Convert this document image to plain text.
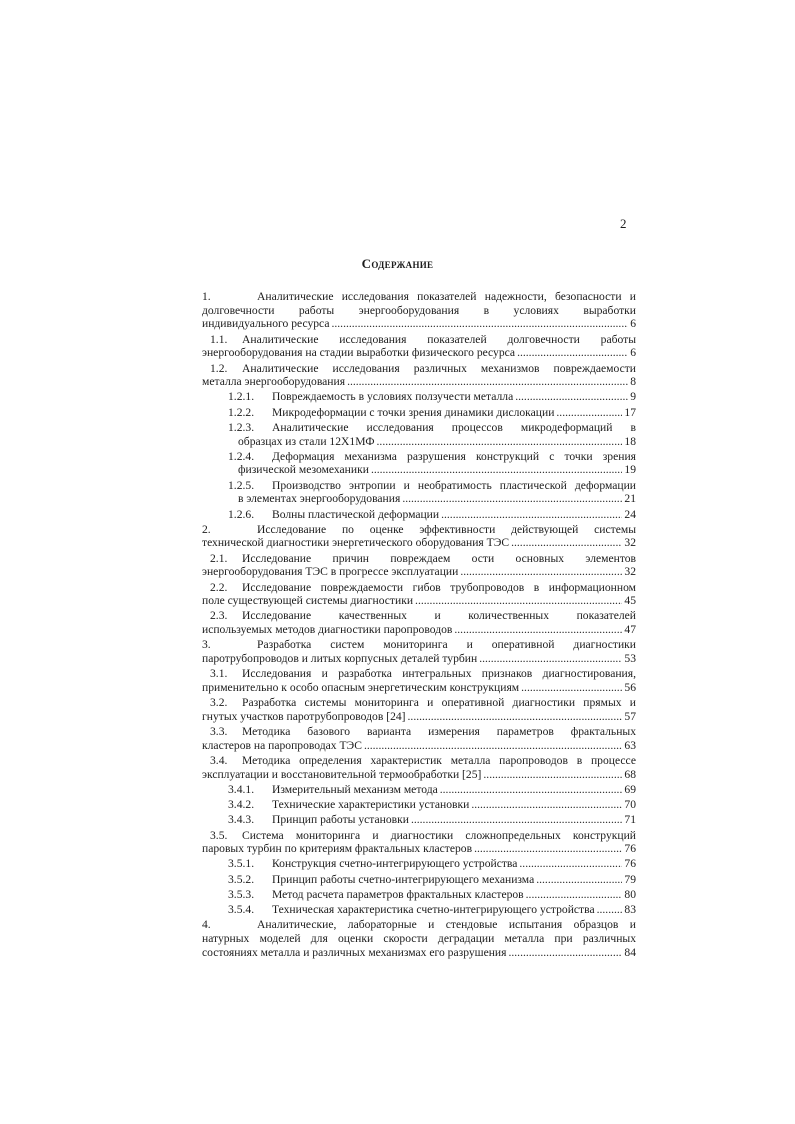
2
Содержание
1.	Аналитические исследования показателей надежности, безопасности и
долговечности работы энергооборудования в условиях выработки
индивидуального ресурса .....	6
1.1.	Аналитические исследования показателей долговечности работы
энергооборудования на стадии выработки физического ресурса .....	6
1.2.	Аналитические исследования различных механизмов повреждаемости
металла энергооборудования .....	8
1.2.1.	Повреждаемость в условиях ползучести металла .....	9
1.2.2.	Микродеформации с точки зрения динамики дислокации .....	17
1.2.3.	Аналитические исследования процессов микродеформаций в
образцах из стали 12Х1МФ .....	18
1.2.4.	Деформация механизма разрушения конструкций с точки зрения
физической мезомеханики .....	19
1.2.5.	Производство энтропии и необратимость пластической деформации
в элементах энергооборудования .....	21
1.2.6.	Волны пластической деформации .....	24
2.	Исследование по оценке эффективности действующей системы
технической диагностики энергетического оборудования ТЭС .....	32
2.1.	Исследование причин повреждаем ости основных элементов
энергооборудования ТЭС в прогрессе эксплуатации .....	32
2.2.	Исследование повреждаемости гибов трубопроводов в информационном
поле существующей системы диагностики .....	45
2.3.	Исследование качественных и количественных показателей
используемых методов диагностики паропроводов .....	47
3.	Разработка систем мониторинга и оперативной диагностики
паротрубопроводов и литых корпусных деталей турбин .....	53
3.1.	Исследования и разработка интегральных признаков диагностирования,
применительно к особо опасным энергетическим конструкциям .....	56
3.2.	Разработка системы мониторинга и оперативной диагностики прямых и
гнутых участков паротрубопроводов [24] .....	57
3.3.	Методика базового варианта измерения параметров фрактальных
кластеров на паропроводах ТЭС .....	63
3.4.	Методика определения характеристик металла паропроводов в процессе
эксплуатации и восстановительной термообработки [25] .....	68
3.4.1.	Измерительный механизм метода .....	69
3.4.2.	Технические характеристики установки .....	70
3.4.3.	Принцип работы установки .....	71
3.5.	Система мониторинга и диагностики сложнопредельных конструкций
паровых турбин по критериям фрактальных кластеров .....	76
3.5.1.	Конструкция счетно-интегрирующего устройства .....	76
3.5.2.	Принцип работы счетно-интегрирующего механизма .....	79
3.5.3.	Метод расчета параметров фрактальных кластеров .....	80
3.5.4.	Техническая характеристика счетно-интегрирующего устройства .....	83
4.	Аналитические, лабораторные и стендовые испытания образцов и
натурных моделей для оценки скорости деградации металла при различных
состояниях металла и различных механизмах его разрушения .....	84
